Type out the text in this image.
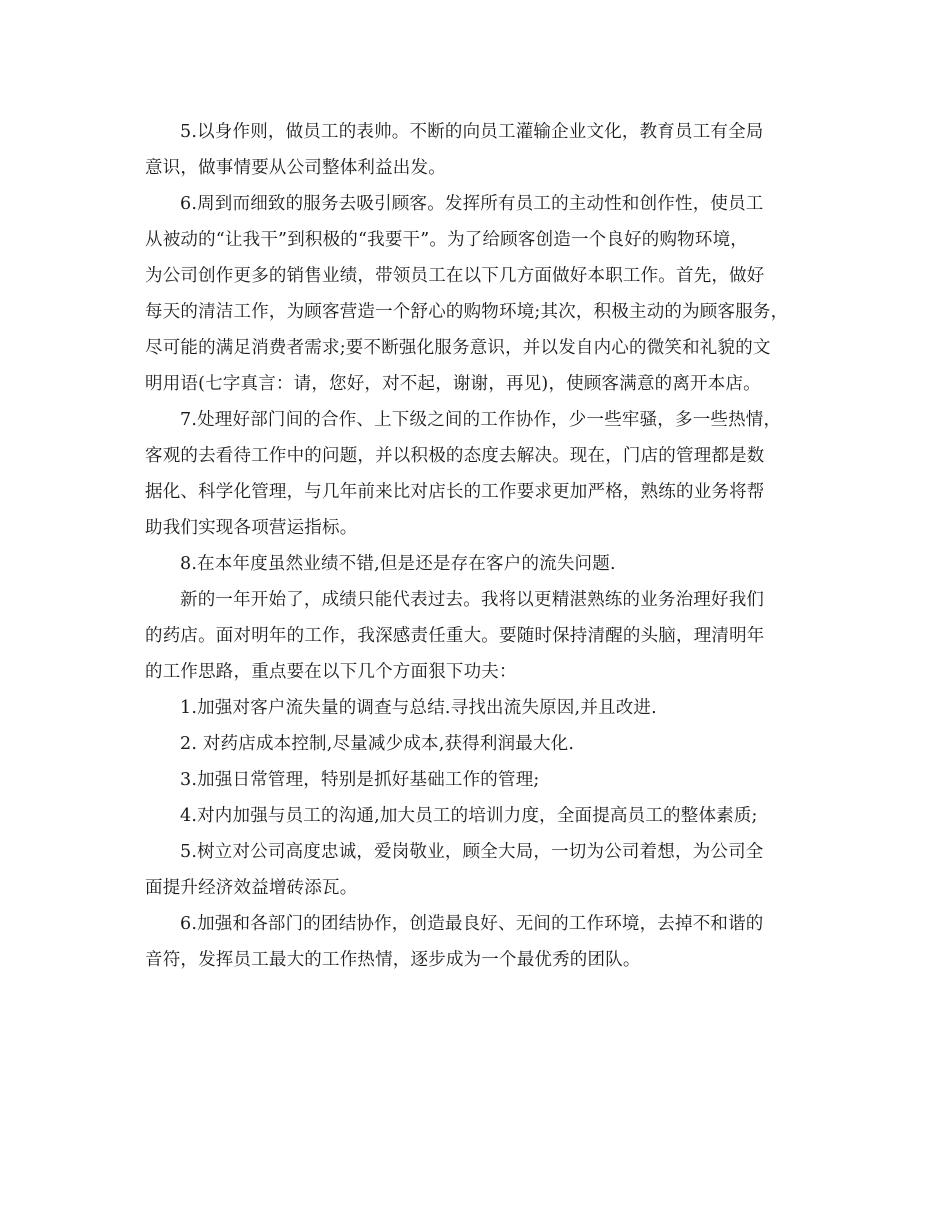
5.以身作则，做员工的表帅。不断的向员工灌输企业文化，教育员工有全局

意识，做事情要从公司整体利益出发。

6.周到而细致的服务去吸引顾客。发挥所有员工的主动性和创作性，使员工

从被动的“让我干”到积极的“我要干”。为了给顾客创造一个良好的购物环境，

为公司创作更多的销售业绩，带领员工在以下几方面做好本职工作。首先，做好

每天的清洁工作，为顾客营造一个舒心的购物环境;其次，积极主动的为顾客服务，

尽可能的满足消费者需求;要不断强化服务意识，并以发自内心的微笑和礼貌的文

明用语(七字真言：请，您好，对不起，谢谢，再见)，使顾客满意的离开本店。

7.处理好部门间的合作、上下级之间的工作协作，少一些牢骚，多一些热情，

客观的去看待工作中的问题，并以积极的态度去解决。现在，门店的管理都是数

据化、科学化管理，与几年前来比对店长的工作要求更加严格，熟练的业务将帮

助我们实现各项营运指标。

8.在本年度虽然业绩不错,但是还是存在客户的流失问题.

新的一年开始了，成绩只能代表过去。我将以更精湛熟练的业务治理好我们

的药店。面对明年的工作，我深感责任重大。要随时保持清醒的头脑，理清明年

的工作思路，重点要在以下几个方面狠下功夫：

1.加强对客户流失量的调查与总结.寻找出流失原因,并且改进.

2. 对药店成本控制,尽量减少成本,获得利润最大化.

3.加强日常管理，特别是抓好基础工作的管理;

4.对内加强与员工的沟通,加大员工的培训力度，全面提高员工的整体素质;

5.树立对公司高度忠诚，爱岗敬业，顾全大局，一切为公司着想，为公司全

面提升经济效益增砖添瓦。

6.加强和各部门的团结协作，创造最良好、无间的工作环境，去掉不和谐的

音符，发挥员工最大的工作热情，逐步成为一个最优秀的团队。
